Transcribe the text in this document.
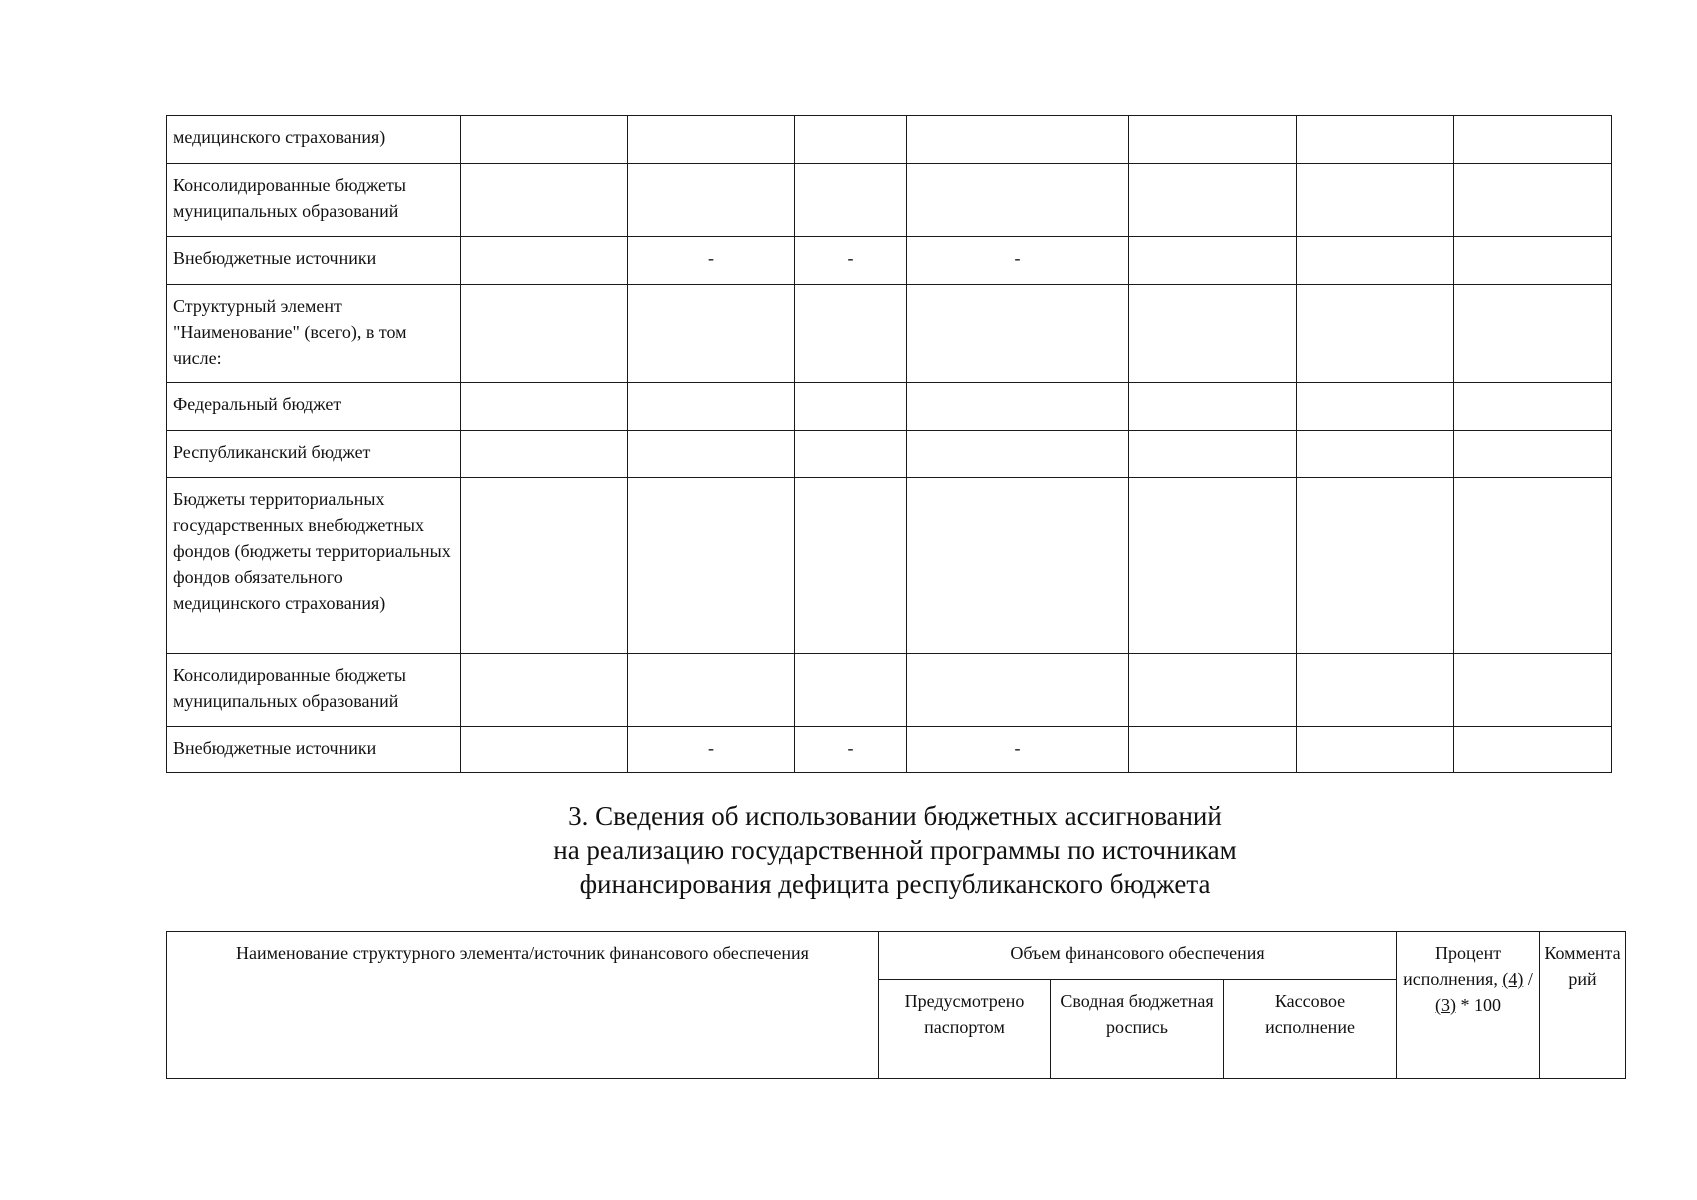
медицинского страхования)							
Консолидированные бюджеты муниципальных образований							
Внебюджетные источники		-	-	-			
Структурный элемент "Наименование" (всего), в том числе:							
Федеральный бюджет							
Республиканский бюджет							
Бюджеты территориальных государственных внебюджетных фондов (бюджеты территориальных фондов обязательного медицинского страхования)							
Консолидированные бюджеты муниципальных образований							
Внебюджетные источники		-	-	-			
3. Сведения об использовании бюджетных ассигнований
на реализацию государственной программы по источникам
финансирования дефицита республиканского бюджета
Наименование структурного элемента/источник финансового обеспечения	Объем финансового обеспечения			Процент исполнения, (4) / (3) * 100	Комментарий
	Предусмотрено паспортом	Сводная бюджетная роспись	Кассовое исполнение		
